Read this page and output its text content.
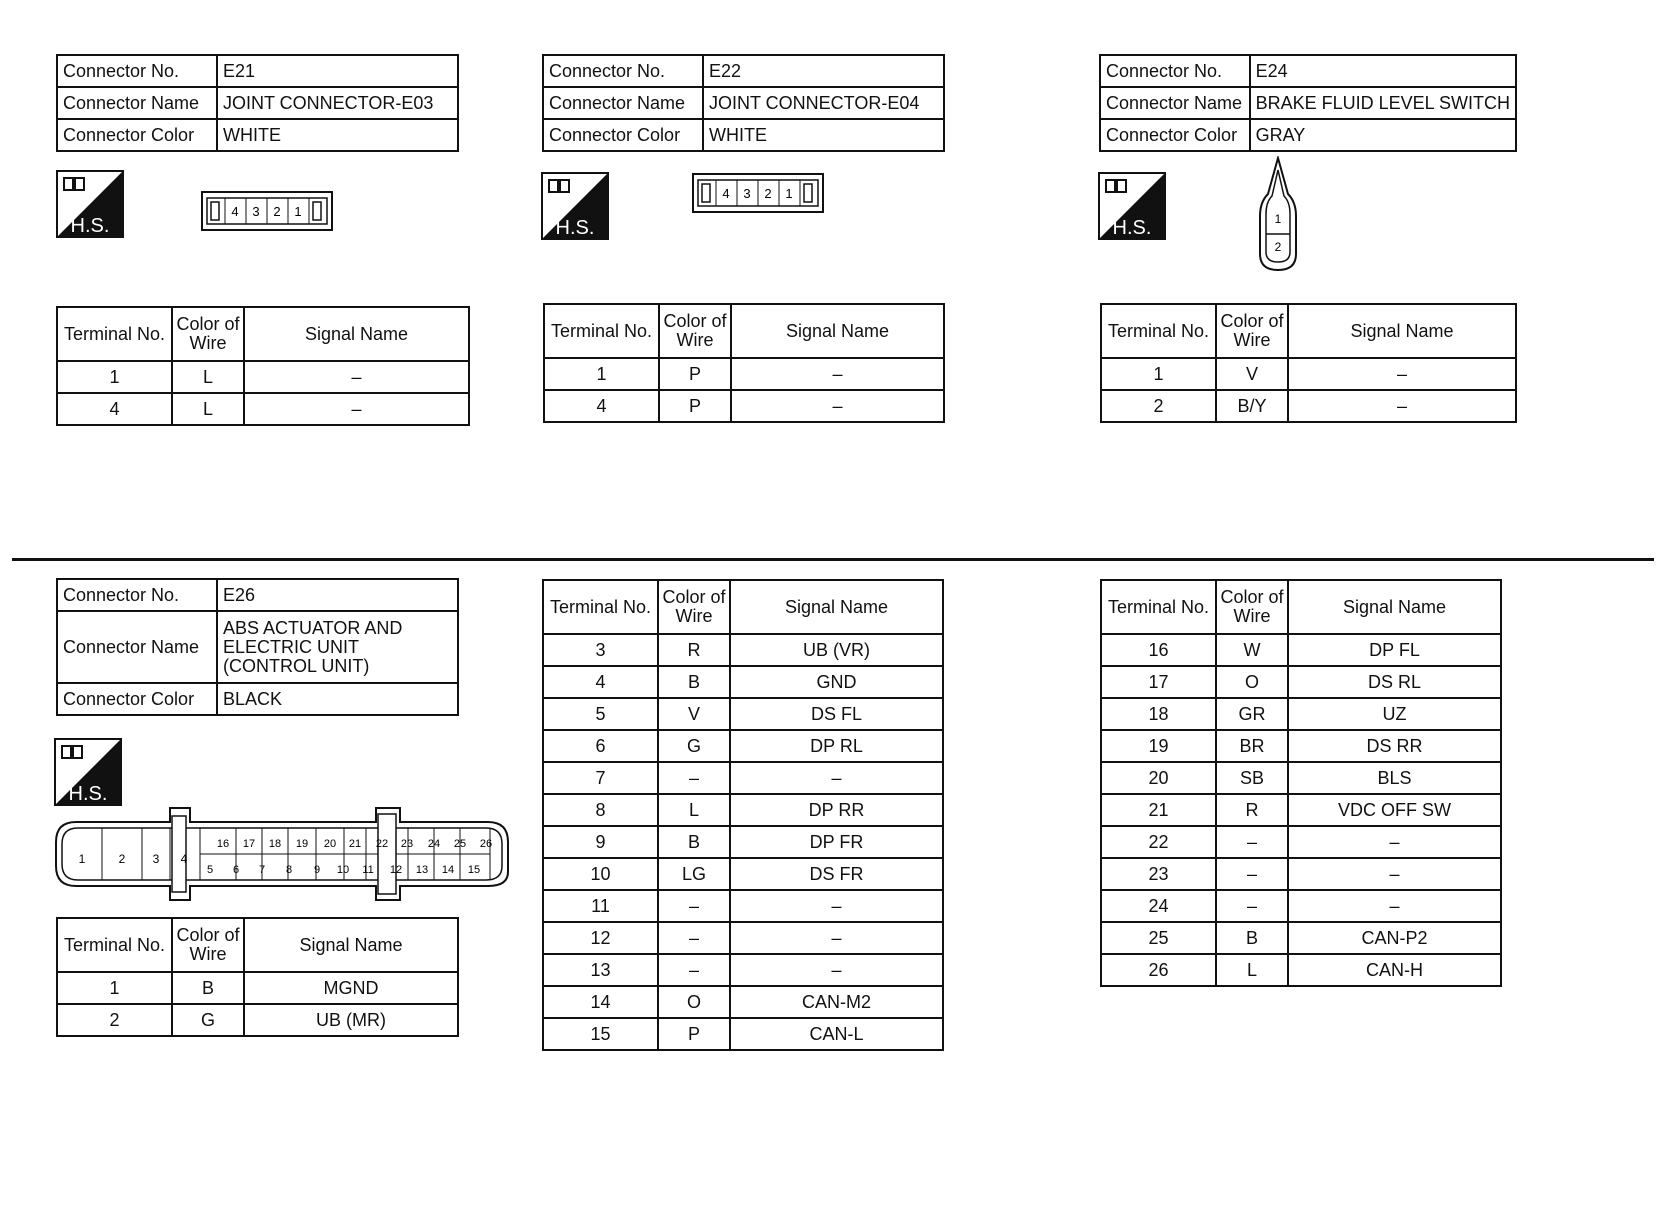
Connector No.	E21
Connector Name	JOINT CONNECTOR-E03
Connector Color	WHITE
H.S.
4 3 2 1
Terminal No.	Color of
Wire	Signal Name
1	L	–
4	L	–
Connector No.	E22
Connector Name	JOINT CONNECTOR-E04
Connector Color	WHITE
H.S.
4 3 2 1
Terminal No.	Color of
Wire	Signal Name
1	P	–
4	P	–
Connector No.	E24
Connector Name	BRAKE FLUID LEVEL SWITCH
Connector Color	GRAY
H.S.	1
2
Terminal No.	Color of
Wire	Signal Name
1	V	–
2	B/Y	–
Connector No.	E26
Connector Name	ABS ACTUATOR AND
ELECTRIC UNIT
(CONTROL UNIT)

Connector Color	BLACK
H.S.
1	2 3 4
16 17 18 19 20 21 22 23 24 25 26
5 6 7 8 9 10 11 12 13 14 15
Terminal No.	Color of
Wire	Signal Name
1	B	MGND
2	G	UB (MR)
Terminal No.	Color of
Wire	Signal Name
3	R	UB (VR)
4	B	GND
5	V	DS FL
6	G	DP RL
7	–	–
8	L	DP RR
9	B	DP FR
10	LG	DS FR
11	–	–
12	–	–
13	–	–
14	O	CAN-M2
15	P	CAN-L
Terminal No.	Color of
Wire	Signal Name
16	W	DP FL
17	O	DS RL
18	GR	UZ
19	BR	DS RR
20	SB	BLS
21	R	VDC OFF SW
22	–	–
23	–	–
24	–	–
25	B	CAN-P2
26	L	CAN-H
